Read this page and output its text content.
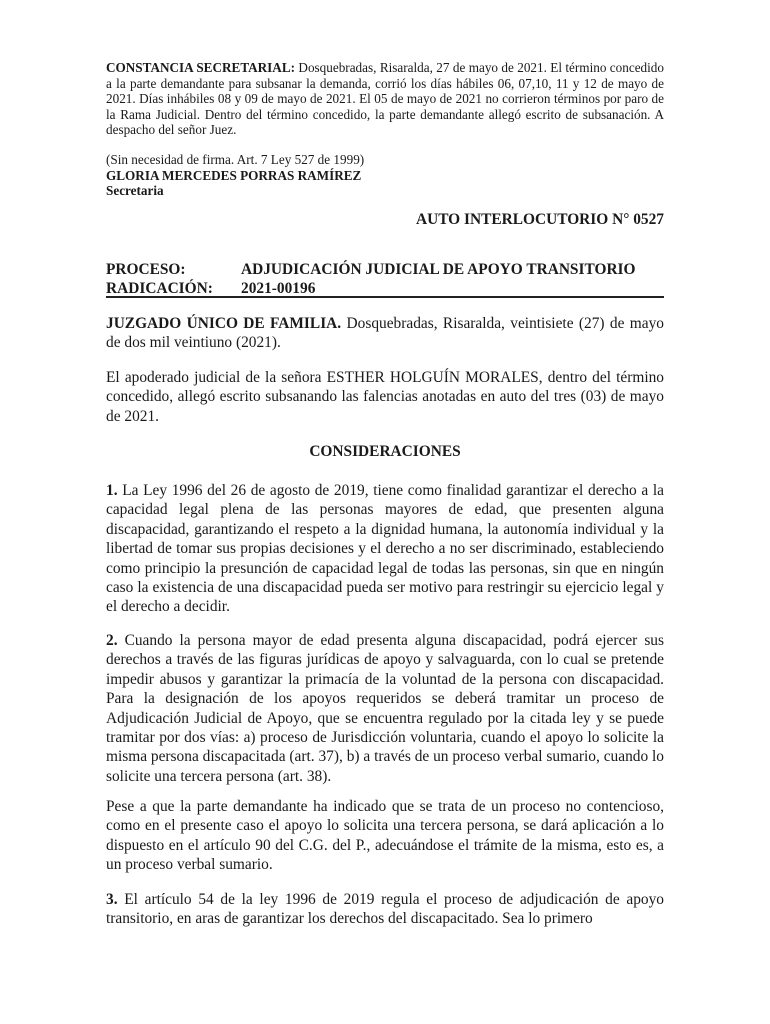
CONSTANCIA SECRETARIAL: Dosquebradas, Risaralda, 27 de mayo de 2021. El término concedido a la parte demandante para subsanar la demanda, corrió los días hábiles 06, 07,10, 11 y 12 de mayo de 2021. Días inhábiles 08 y 09 de mayo de 2021. El 05 de mayo de 2021 no corrieron términos por paro de la Rama Judicial. Dentro del término concedido, la parte demandante allegó escrito de subsanación. A despacho del señor Juez.

(Sin necesidad de firma. Art. 7 Ley 527 de 1999)

GLORIA MERCEDES PORRAS RAMÍREZ

Secretaria

AUTO INTERLOCUTORIO N° 0527
PROCESO:	ADJUDICACIÓN JUDICIAL DE APOYO TRANSITORIO
RADICACIÓN:	2021-00196
JUZGADO ÚNICO DE FAMILIA. Dosquebradas, Risaralda, veintisiete (27) de mayo de dos mil veintiuno (2021).
El apoderado judicial de la señora ESTHER HOLGUÍN MORALES, dentro del término concedido, allegó escrito subsanando las falencias anotadas en auto del tres (03) de mayo de 2021.
CONSIDERACIONES
1. La Ley 1996 del 26 de agosto de 2019, tiene como finalidad garantizar el derecho a la capacidad legal plena de las personas mayores de edad, que presenten alguna discapacidad, garantizando el respeto a la dignidad humana, la autonomía individual y la libertad de tomar sus propias decisiones y el derecho a no ser discriminado, estableciendo como principio la presunción de capacidad legal de todas las personas, sin que en ningún caso la existencia de una discapacidad pueda ser motivo para restringir su ejercicio legal y el derecho a decidir.
2. Cuando la persona mayor de edad presenta alguna discapacidad, podrá ejercer sus derechos a través de las figuras jurídicas de apoyo y salvaguarda, con lo cual se pretende impedir abusos y garantizar la primacía de la voluntad de la persona con discapacidad. Para la designación de los apoyos requeridos se deberá tramitar un proceso de Adjudicación Judicial de Apoyo, que se encuentra regulado por la citada ley y se puede tramitar por dos vías: a) proceso de Jurisdicción voluntaria, cuando el apoyo lo solicite la misma persona discapacitada (art. 37), b) a través de un proceso verbal sumario, cuando lo solicite una tercera persona (art. 38).
Pese a que la parte demandante ha indicado que se trata de un proceso no contencioso, como en el presente caso el apoyo lo solicita una tercera persona, se dará aplicación a lo dispuesto en el artículo 90 del C.G. del P., adecuándose el trámite de la misma, esto es, a un proceso verbal sumario.
3. El artículo 54 de la ley 1996 de 2019 regula el proceso de adjudicación de apoyo transitorio, en aras de garantizar los derechos del discapacitado. Sea lo primero
